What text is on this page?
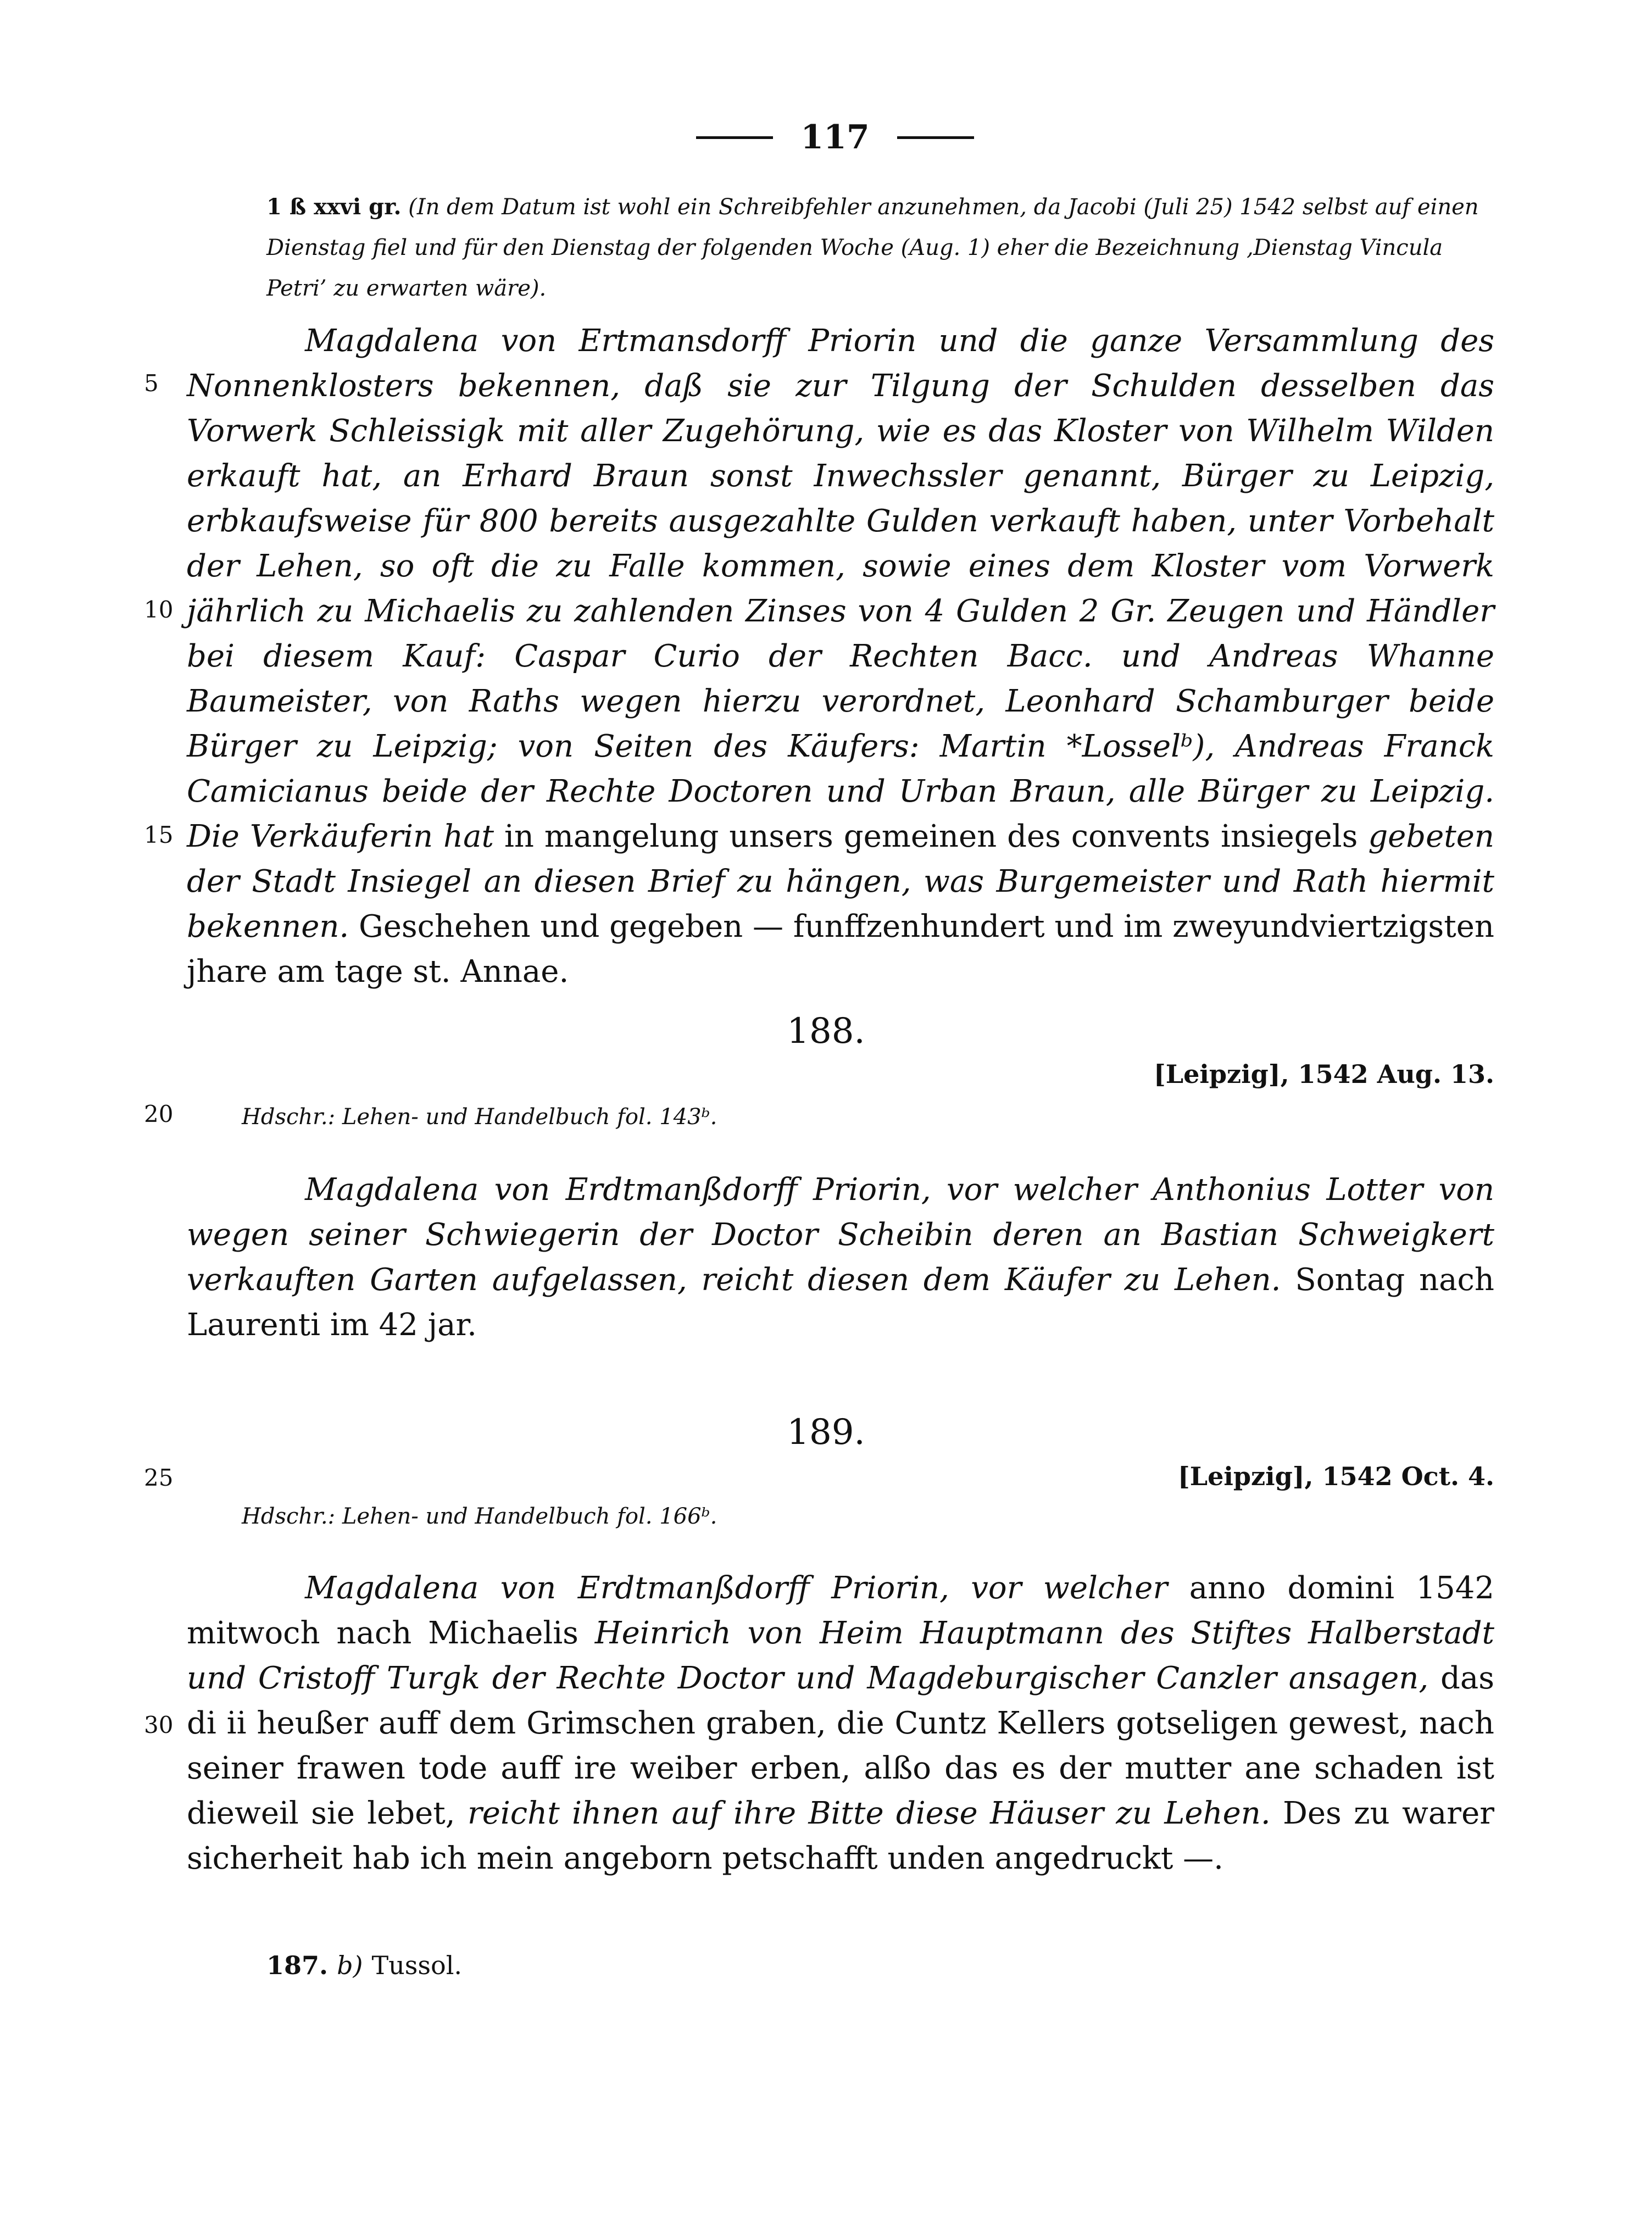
117
1 ß xxvi gr. (In dem Datum ist wohl ein Schreibfehler anzunehmen, da Jacobi (Juli 25) 1542 selbst auf einen Dienstag fiel und für den Dienstag der folgenden Woche (Aug. 1) eher die Bezeichnung ‚Dienstag Vincula Petri’ zu erwarten wäre).

Magdalena von Ertmansdorff Priorin und die ganze Versammlung des Nonnenklosters bekennen, daß sie zur Tilgung der Schulden desselben das Vorwerk Schleissigk mit aller Zugehörung, wie es das Kloster von Wilhelm Wilden erkauft hat, an Erhard Braun sonst Inwechssler genannt, Bürger zu Leipzig, erbkaufsweise für 800 bereits ausgezahlte Gulden verkauft haben, unter Vorbehalt der Lehen, so oft die zu Falle kommen, sowie eines dem Kloster vom Vorwerk jährlich zu Michaelis zu zahlenden Zinses von 4 Gulden 2 Gr. Zeugen und Händler bei diesem Kauf: Caspar Curio der Rechten Bacc. und Andreas Whanne Baumeister, von Raths wegen hierzu verordnet, Leonhard Schamburger beide Bürger zu Leipzig; von Seiten des Käufers: Martin *Losselᵇ), Andreas Franck Camicianus beide der Rechte Doctoren und Urban Braun, alle Bürger zu Leipzig. Die Verkäuferin hat in mangelung unsers gemeinen des convents insiegels gebeten der Stadt Insiegel an diesen Brief zu hängen, was Burgemeister und Rath hiermit bekennen. Geschehen und gegeben — funffzenhundert und im zweyundviertzigsten jhare am tage st. Annae.

5
10
15
188.
[Leipzig], 1542 Aug. 13.
20	Hdschr.: Lehen- und Handelbuch fol. 143ᵇ.

Magdalena von Erdtmanßdorff Priorin, vor welcher Anthonius Lotter von wegen seiner Schwiegerin der Doctor Scheibin deren an Bastian Schweigkert verkauften Garten aufgelassen, reicht diesen dem Käufer zu Lehen. Sontag nach Laurenti im 42 jar.

189.
25	[Leipzig], 1542 Oct. 4.
Hdschr.: Lehen- und Handelbuch fol. 166ᵇ.

Magdalena von Erdtmanßdorff Priorin, vor welcher anno domini 1542 mitwoch nach Michaelis Heinrich von Heim Hauptmann des Stiftes Halberstadt und Cristoff Turgk der Rechte Doctor und Magdeburgischer Canzler ansagen, das di ii heußer auff dem Grimschen graben, die Cuntz Kellers gotseligen gewest, nach seiner frawen tode auff ire weiber erben, alßo das es der mutter ane schaden ist dieweil sie lebet, reicht ihnen auf ihre Bitte diese Häuser zu Lehen. Des zu warer sicherheit hab ich mein angeborn petschafft unden angedruckt —.

30
187. b) Tussol.
